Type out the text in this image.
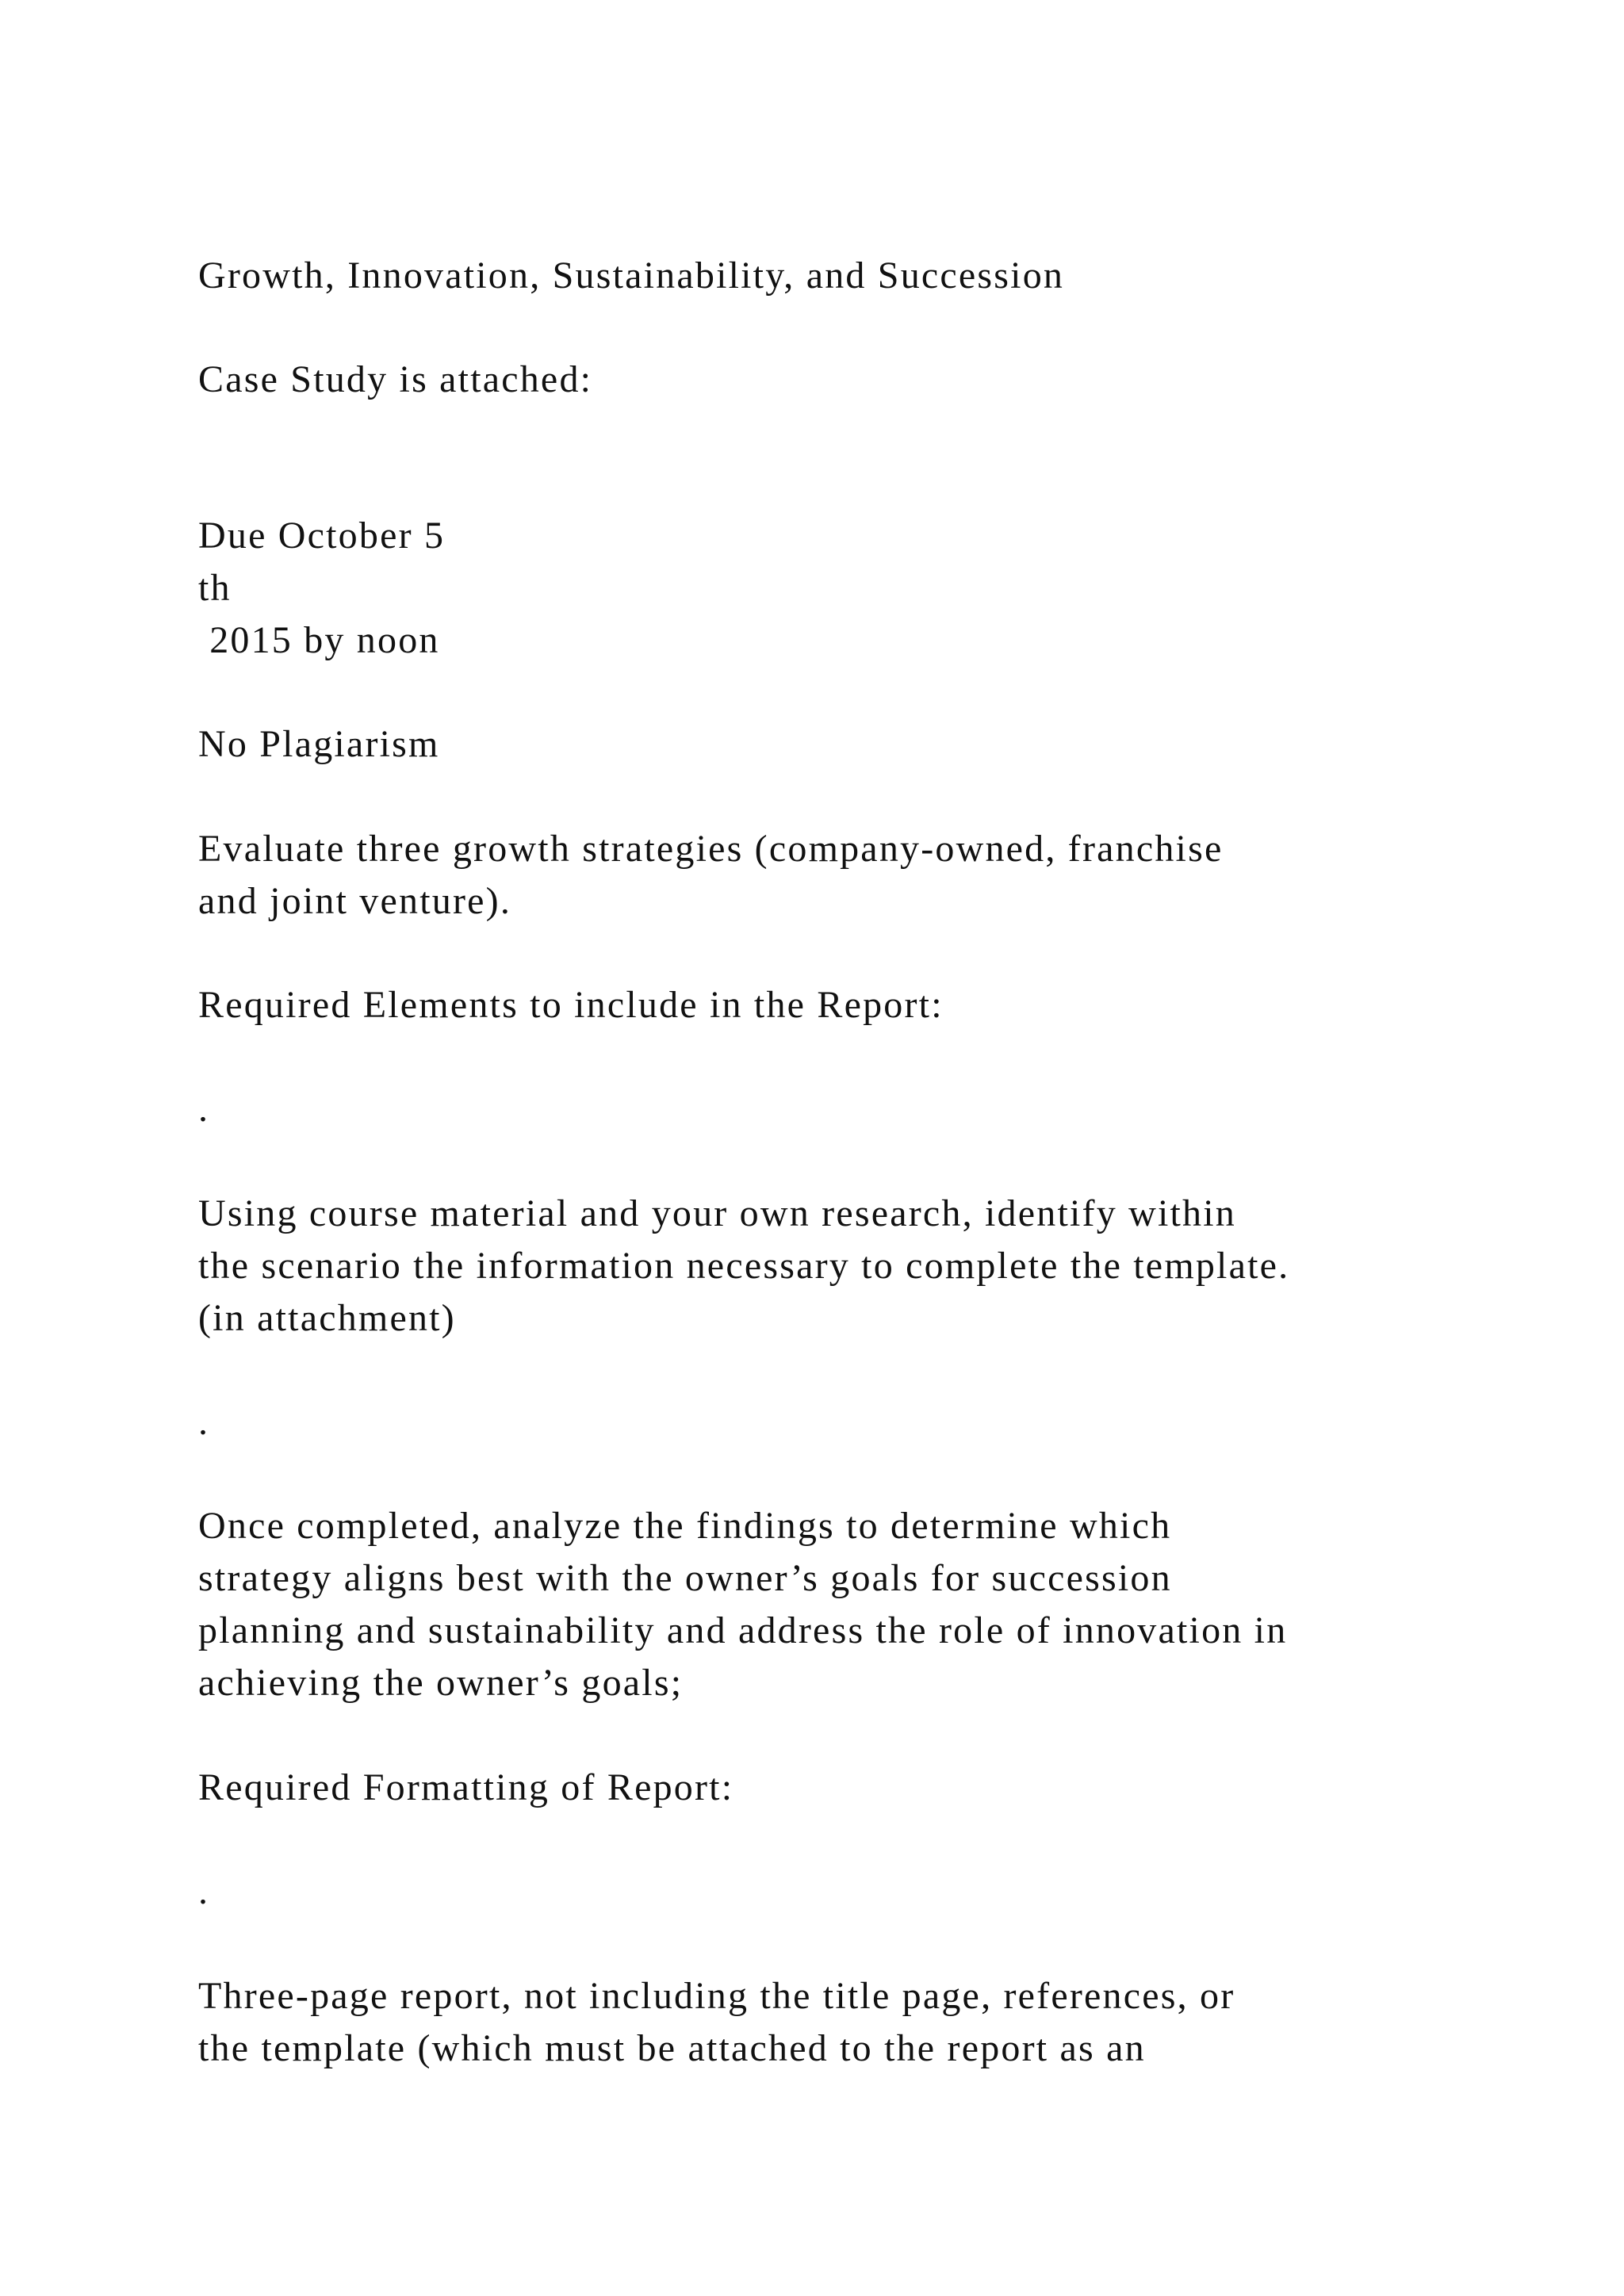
Growth, Innovation, Sustainability, and Succession

Case Study is attached:

Due October 5

th

2015 by noon

No Plagiarism

Evaluate three growth strategies (company-owned, franchise

and joint venture).

Required Elements to include in the Report:

.

Using course material and your own research, identify within

the scenario the information necessary to complete the template.

(in attachment)

.

Once completed, analyze the findings to determine which

strategy aligns best with the owner’s goals for succession

planning and sustainability and address the role of innovation in

achieving the owner’s goals;

Required Formatting of Report:

.

Three-page report, not including the title page, references, or

the template (which must be attached to the report as an
